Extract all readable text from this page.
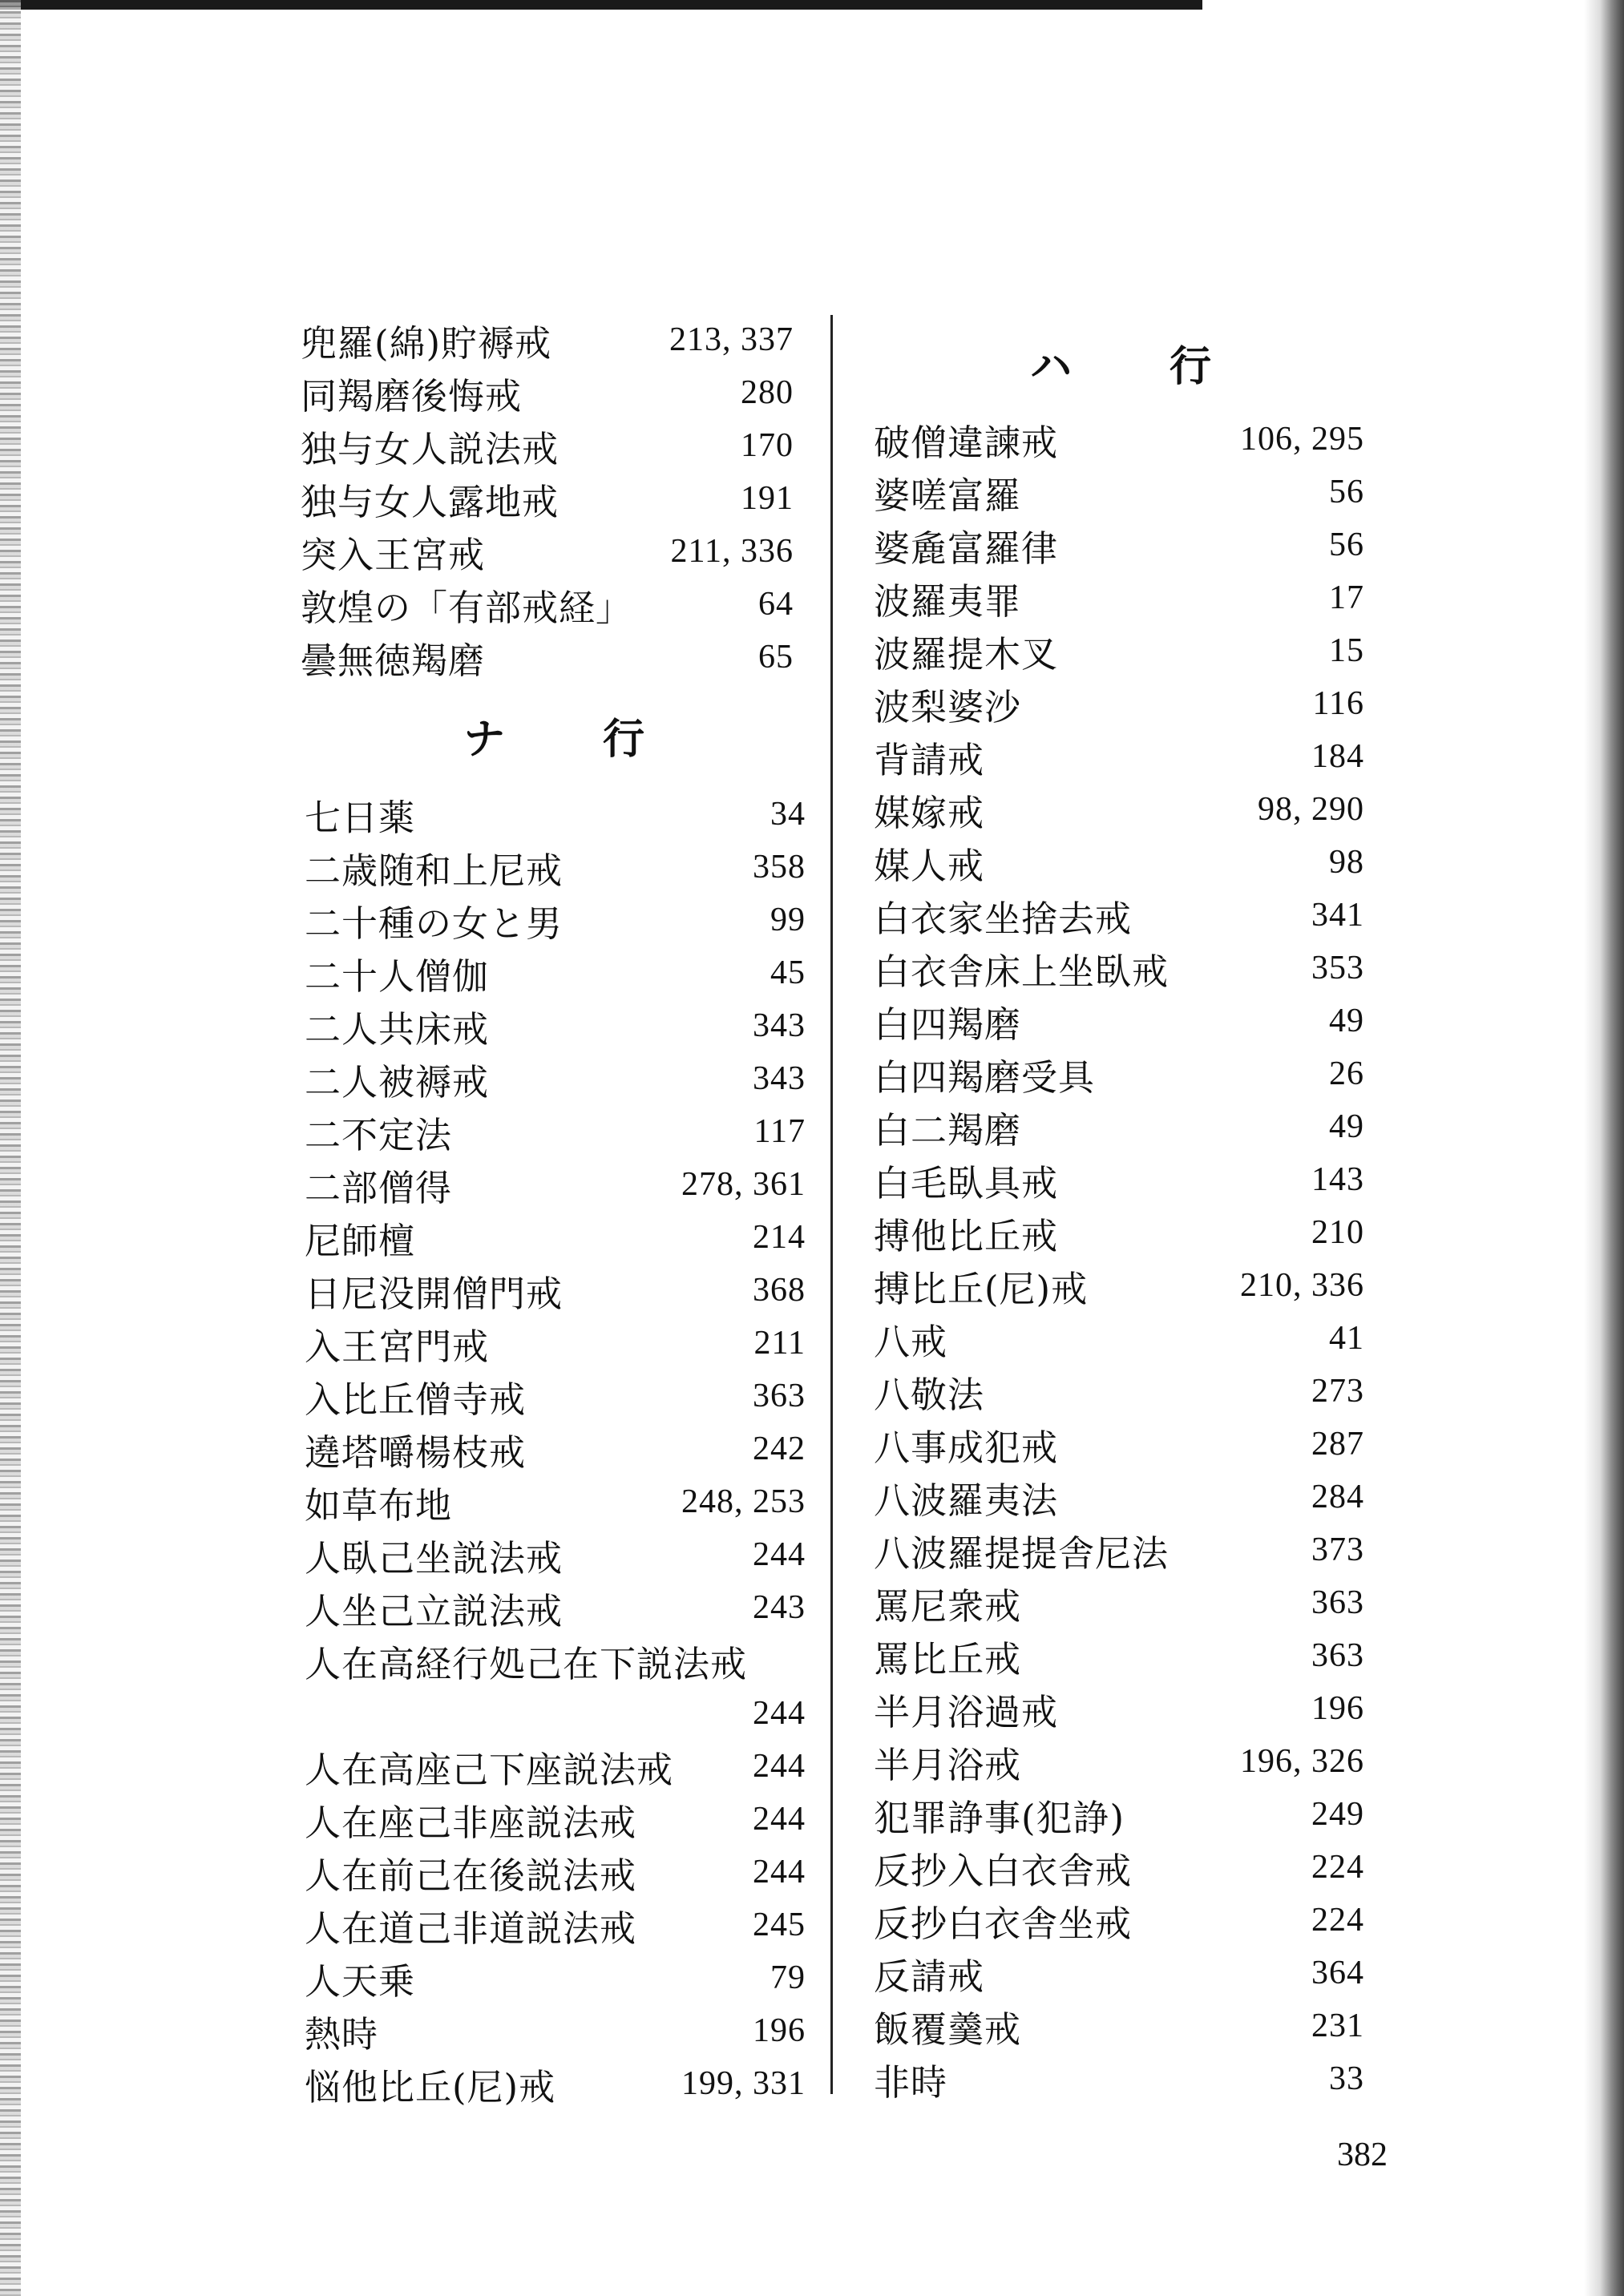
兜羅(綿)貯褥戒	213, 337
同羯磨後悔戒	280
独与女人説法戒	170
独与女人露地戒	191
突入王宮戒	211, 336
敦煌の「有部戒経」	64
曇無徳羯磨	65
ナ 行
七日薬	34
二歳随和上尼戒	358
二十種の女と男	99
二十人僧伽	45
二人共床戒	343
二人被褥戒	343
二不定法	117
二部僧得	278, 361
尼師檀	214
日尼没開僧門戒	368
入王宮門戒	211
入比丘僧寺戒	363
遶塔嚼楊枝戒	242
如草布地	248, 253
人臥己坐説法戒	244
人坐己立説法戒	243
人在高経行処己在下説法戒
244
人在高座己下座説法戒 244
人在座己非座説法戒	244
人在前己在後説法戒	244
人在道己非道説法戒	245
人天乗	79
熱時	196
悩他比丘(尼)戒	199, 331
ハ 行
破僧違諫戒	106, 295
婆嗟富羅	56
婆麁富羅律	56
波羅夷罪	17
波羅提木叉	15
波梨婆沙	116
背請戒	184
媒嫁戒	98, 290
媒人戒	98
白衣家坐捨去戒	341
白衣舎床上坐臥戒	353
白四羯磨	49
白四羯磨受具	26
白二羯磨	49
白毛臥具戒	143
搏他比丘戒	210
搏比丘(尼)戒	210, 336
八戒	41
八敬法	273
八事成犯戒	287
八波羅夷法	284
八波羅提提舎尼法	373
罵尼衆戒	363
罵比丘戒	363
半月浴過戒	196
半月浴戒	196, 326
犯罪諍事(犯諍)	249
反抄入白衣舎戒	224
反抄白衣舎坐戒	224
反請戒	364
飯覆羹戒	231
非時	33
382
